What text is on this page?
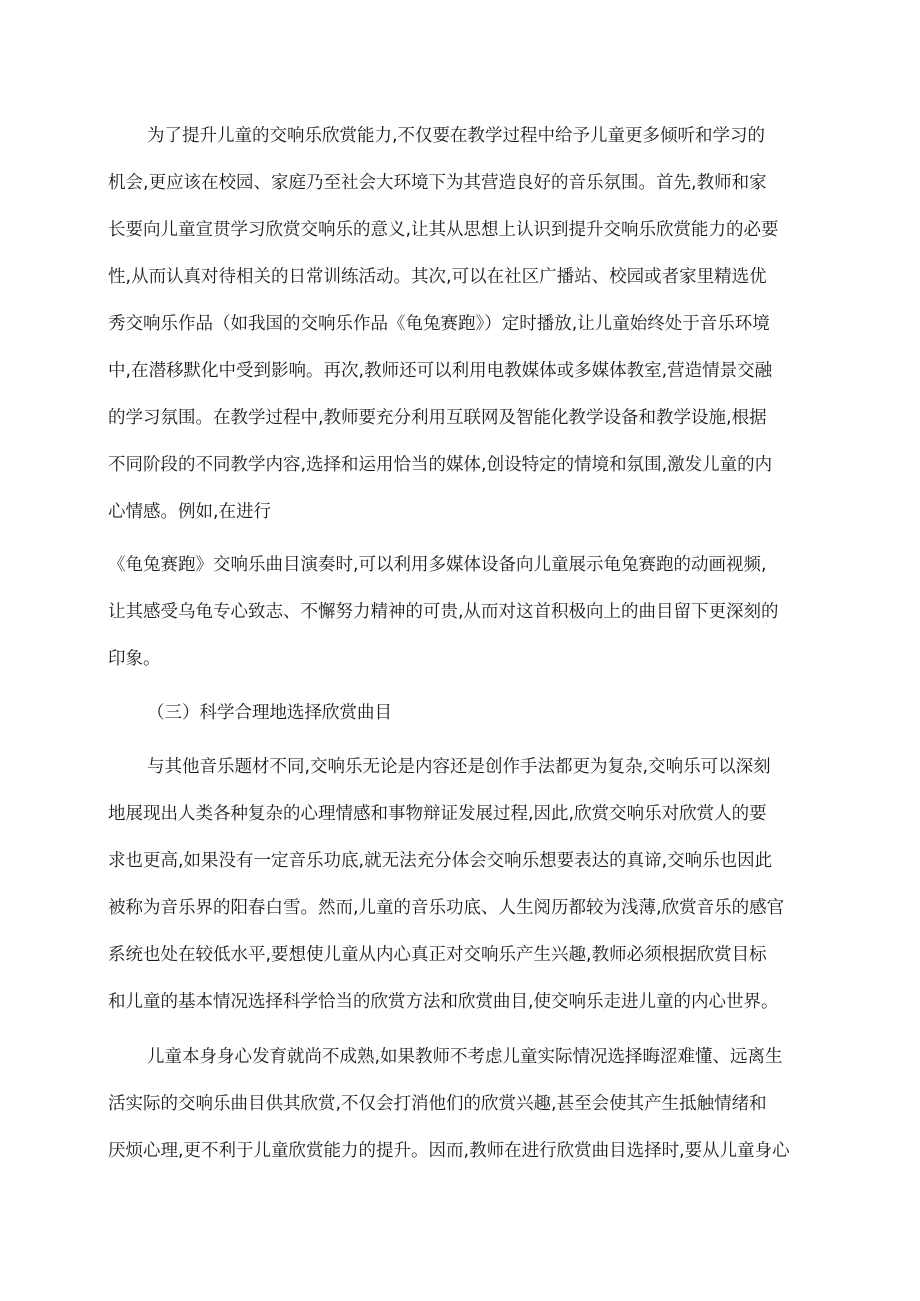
为了提升儿童的交响乐欣赏能力,不仅要在教学过程中给予儿童更多倾听和学习的

机会,更应该在校园、家庭乃至社会大环境下为其营造良好的音乐氛围。首先,教师和家

长要向儿童宣贯学习欣赏交响乐的意义,让其从思想上认识到提升交响乐欣赏能力的必要

性,从而认真对待相关的日常训练活动。其次,可以在社区广播站、校园或者家里精选优

秀交响乐作品（如我国的交响乐作品《龟兔赛跑》）定时播放,让儿童始终处于音乐环境

中,在潜移默化中受到影响。再次,教师还可以利用电教媒体或多媒体教室,营造情景交融

的学习氛围。在教学过程中,教师要充分利用互联网及智能化教学设备和教学设施,根据

不同阶段的不同教学内容,选择和运用恰当的媒体,创设特定的情境和氛围,激发儿童的内

心情感。例如,在进行

《龟兔赛跑》交响乐曲目演奏时,可以利用多媒体设备向儿童展示龟兔赛跑的动画视频,

让其感受乌龟专心致志、不懈努力精神的可贵,从而对这首积极向上的曲目留下更深刻的

印象。

（三）科学合理地选择欣赏曲目

与其他音乐题材不同,交响乐无论是内容还是创作手法都更为复杂,交响乐可以深刻

地展现出人类各种复杂的心理情感和事物辩证发展过程,因此,欣赏交响乐对欣赏人的要

求也更高,如果没有一定音乐功底,就无法充分体会交响乐想要表达的真谛,交响乐也因此

被称为音乐界的阳春白雪。然而,儿童的音乐功底、人生阅历都较为浅薄,欣赏音乐的感官

系统也处在较低水平,要想使儿童从内心真正对交响乐产生兴趣,教师必须根据欣赏目标

和儿童的基本情况选择科学恰当的欣赏方法和欣赏曲目,使交响乐走进儿童的内心世界。

儿童本身身心发育就尚不成熟,如果教师不考虑儿童实际情况选择晦涩难懂、远离生

活实际的交响乐曲目供其欣赏,不仅会打消他们的欣赏兴趣,甚至会使其产生抵触情绪和

厌烦心理,更不利于儿童欣赏能力的提升。因而,教师在进行欣赏曲目选择时,要从儿童身心
